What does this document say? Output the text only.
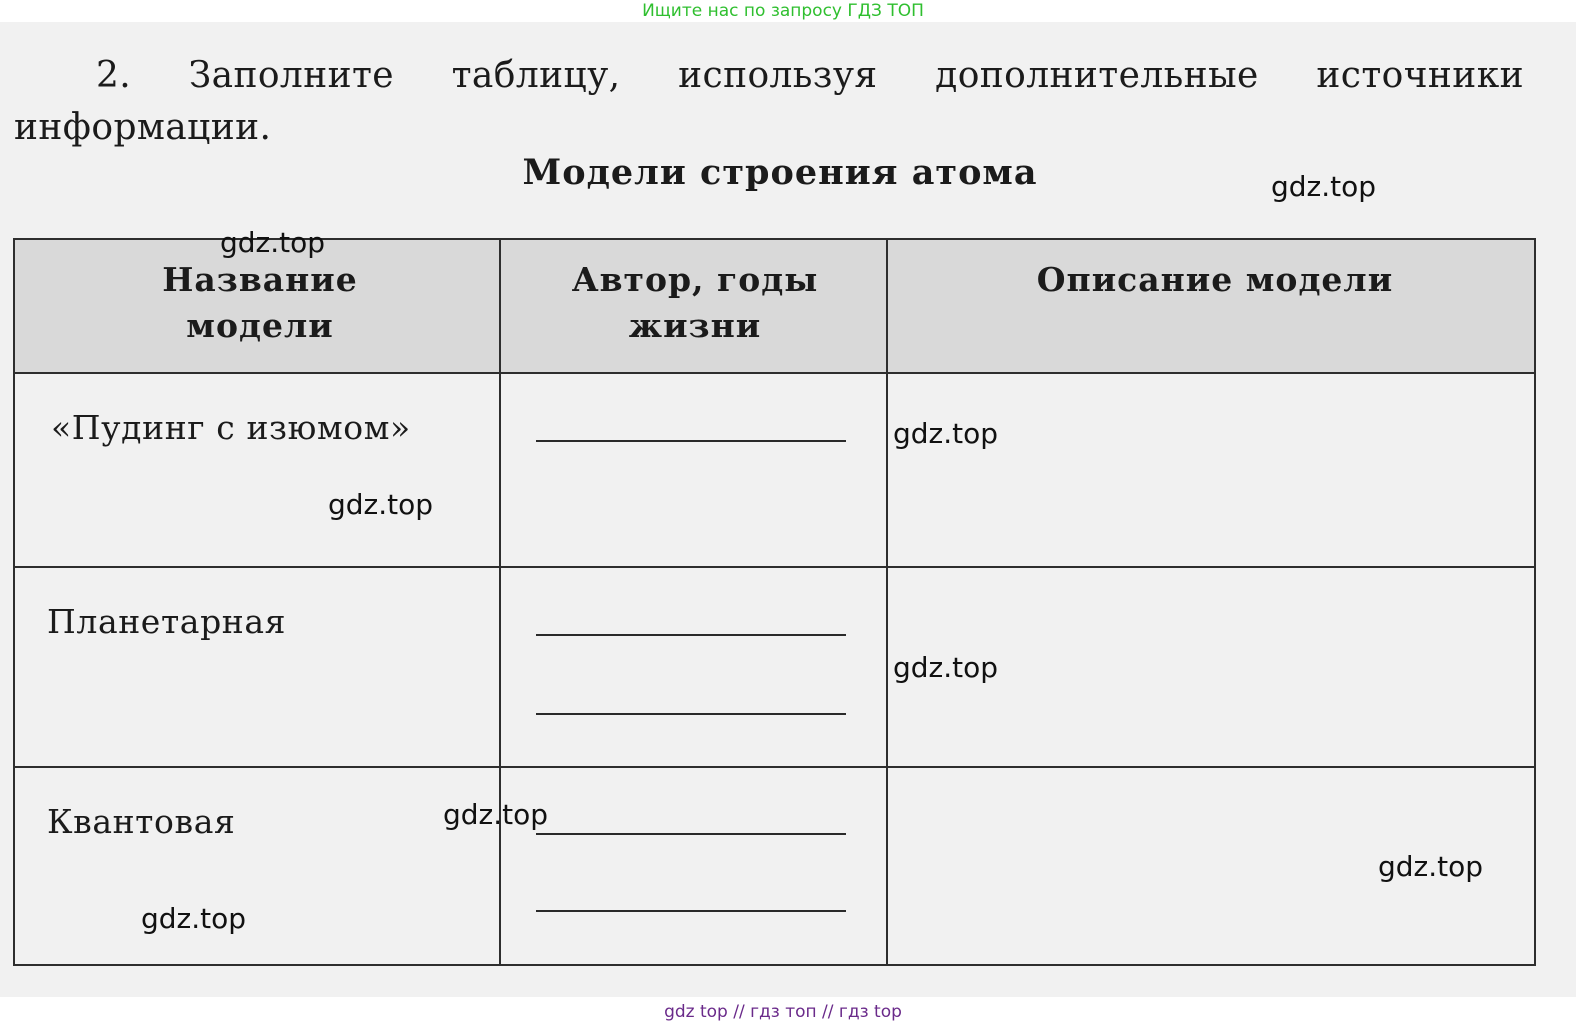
Ищите нас по запросу ГДЗ ТОП
2. Заполните таблицу, используя дополнительные источники информации.
Модели строения атома
Название модели
Автор, годы жизни
Описание модели
«Пудинг с изюмом»
Планетарная
Квантовая
gdz.top
gdz.top
gdz.top
gdz.top
gdz.top
gdz.top
gdz.top
gdz.top
gdz top // гдз топ // гдз top
